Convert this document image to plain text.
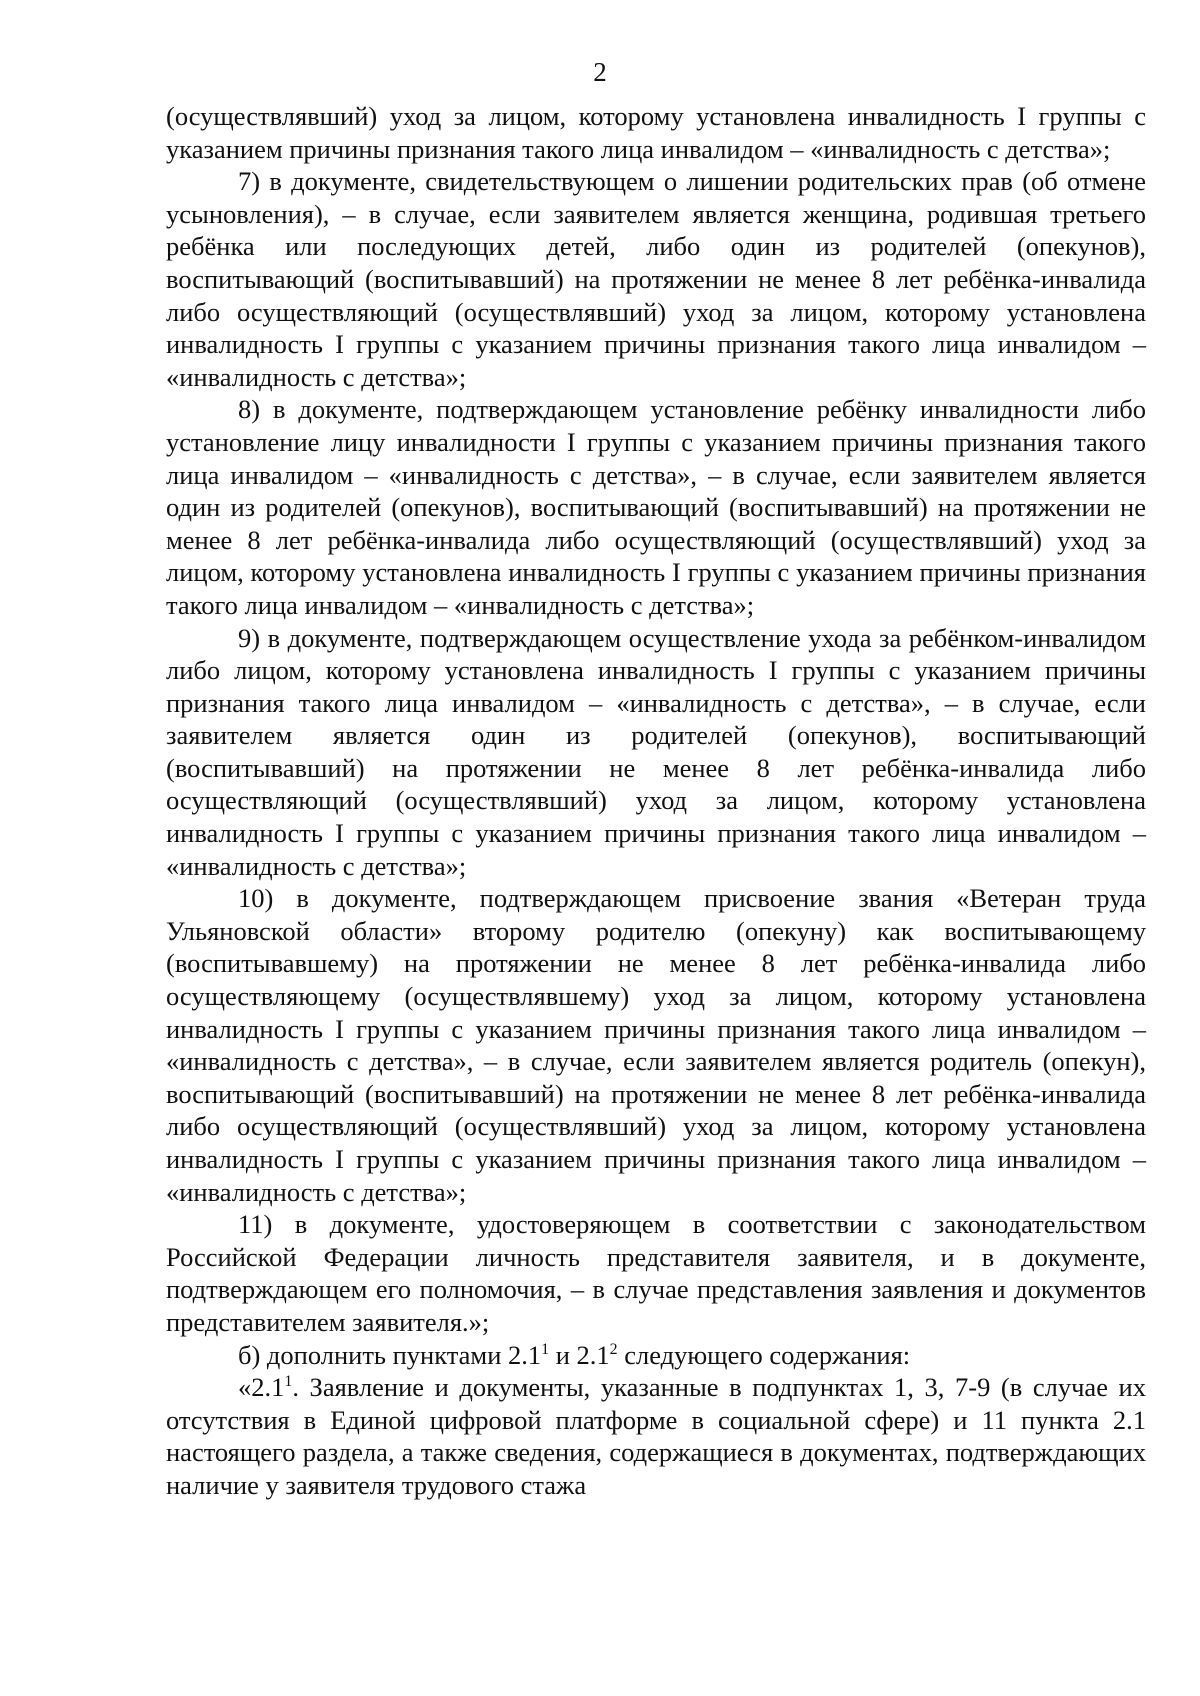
2

(осуществлявший) уход за лицом, которому установлена инвалидность I группы с указанием причины признания такого лица инвалидом – «инвалидность с детства»;

7) в документе, свидетельствующем о лишении родительских прав (об отмене усыновления), – в случае, если заявителем является женщина, родившая третьего ребёнка или последующих детей, либо один из родителей (опекунов), воспитывающий (воспитывавший) на протяжении не менее 8 лет ребёнка-инвалида либо осуществляющий (осуществлявший) уход за лицом, которому установлена инвалидность I группы с указанием причины признания такого лица инвалидом – «инвалидность с детства»;

8) в документе, подтверждающем установление ребёнку инвалидности либо установление лицу инвалидности I группы с указанием причины признания такого лица инвалидом – «инвалидность с детства», – в случае, если заявителем является один из родителей (опекунов), воспитывающий (воспитывавший) на протяжении не менее 8 лет ребёнка-инвалида либо осуществляющий (осуществлявший) уход за лицом, которому установлена инвалидность I группы с указанием причины признания такого лица инвалидом – «инвалидность с детства»;

9) в документе, подтверждающем осуществление ухода за ребёнком-инвалидом либо лицом, которому установлена инвалидность I группы с указанием причины признания такого лица инвалидом – «инвалидность с детства», – в случае, если заявителем является один из родителей (опекунов), воспитывающий (воспитывавший) на протяжении не менее 8 лет ребёнка-инвалида либо осуществляющий (осуществлявший) уход за лицом, которому установлена инвалидность I группы с указанием причины признания такого лица инвалидом – «инвалидность с детства»;

10) в документе, подтверждающем присвоение звания «Ветеран труда Ульяновской области» второму родителю (опекуну) как воспитывающему (воспитывавшему) на протяжении не менее 8 лет ребёнка-инвалида либо осуществляющему (осуществлявшему) уход за лицом, которому установлена инвалидность I группы с указанием причины признания такого лица инвалидом – «инвалидность с детства», – в случае, если заявителем является родитель (опекун), воспитывающий (воспитывавший) на протяжении не менее 8 лет ребёнка-инвалида либо осуществляющий (осуществлявший) уход за лицом, которому установлена инвалидность I группы с указанием причины признания такого лица инвалидом – «инвалидность с детства»;

11) в документе, удостоверяющем в соответствии с законодательством Российской Федерации личность представителя заявителя, и в документе, подтверждающем его полномочия, – в случае представления заявления и документов представителем заявителя.»;

б) дополнить пунктами $2.1^1$ и $2.1^2$ следующего содержания:

«$2.1^1$. Заявление и документы, указанные в подпунктах 1, 3, 7-9 (в случае их отсутствия в Единой цифровой платформе в социальной сфере) и 11 пункта 2.1 настоящего раздела, а также сведения, содержащиеся в документах, подтверждающих наличие у заявителя трудового стажа
